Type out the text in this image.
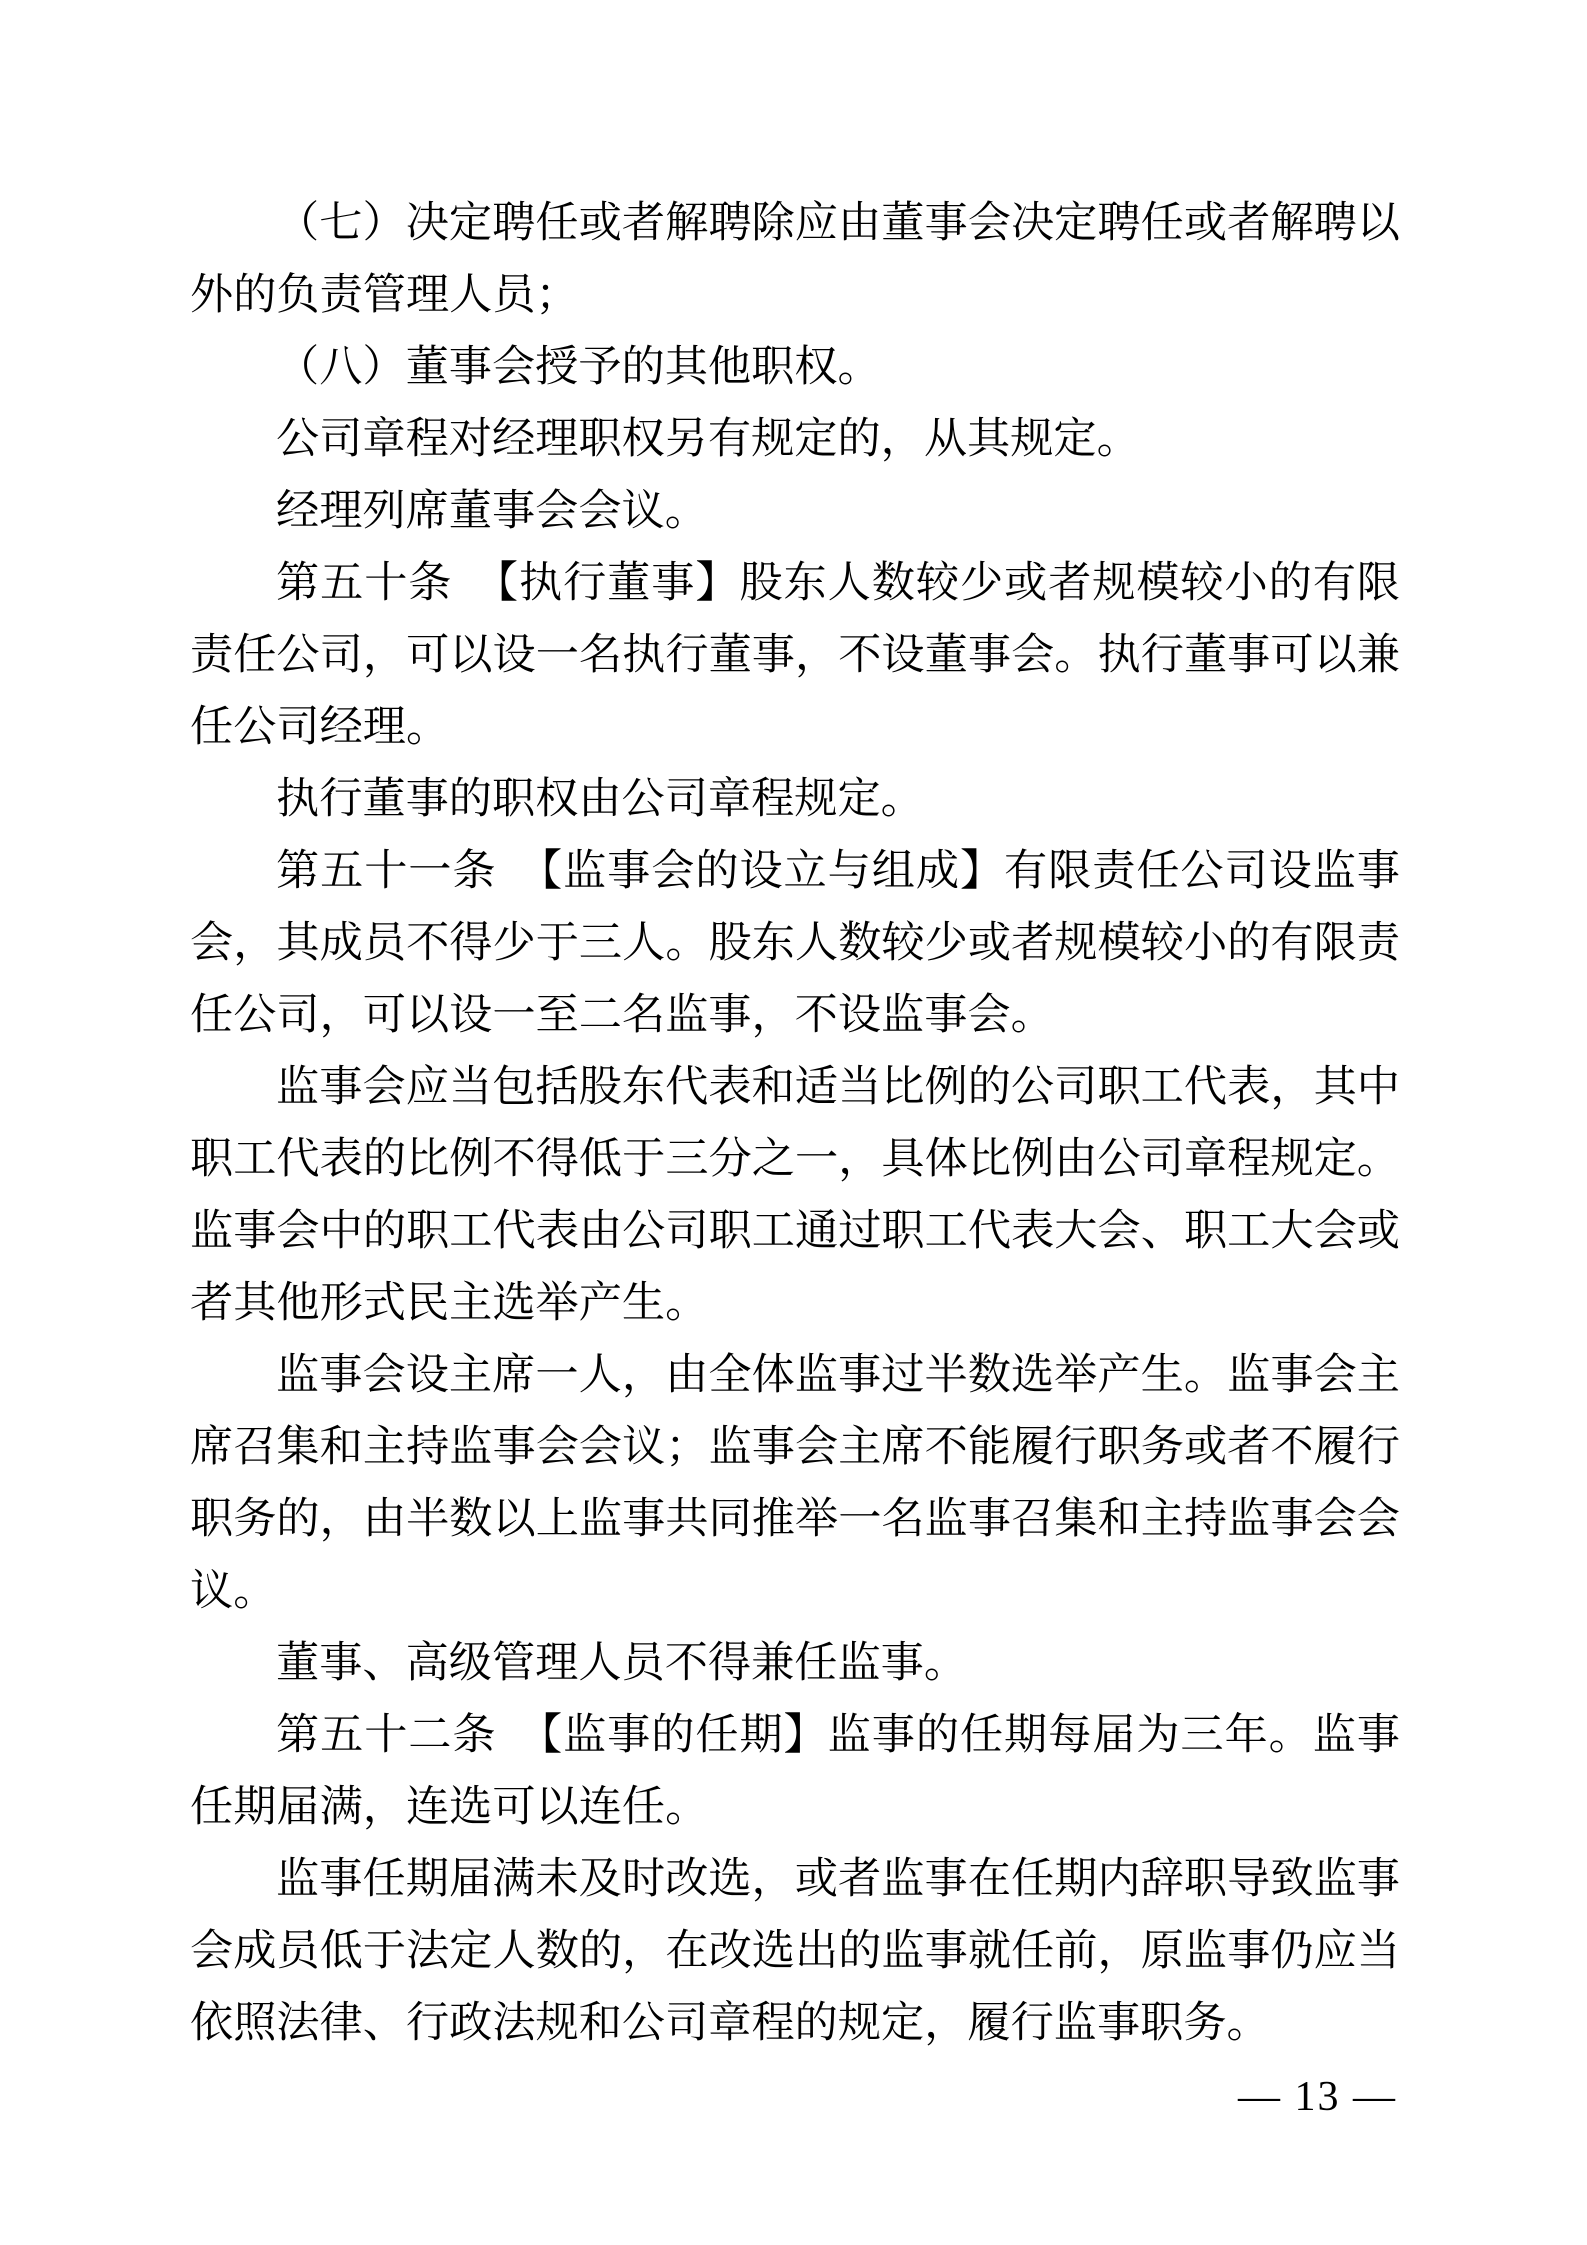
（七）决定聘任或者解聘除应由董事会决定聘任或者解聘以
外的负责管理人员；
（八）董事会授予的其他职权。
公司章程对经理职权另有规定的，从其规定。
经理列席董事会会议。
第五十条　【执行董事】股东人数较少或者规模较小的有限
责任公司，可以设一名执行董事，不设董事会。执行董事可以兼
任公司经理。
执行董事的职权由公司章程规定。
第五十一条　【监事会的设立与组成】有限责任公司设监事
会，其成员不得少于三人。股东人数较少或者规模较小的有限责
任公司，可以设一至二名监事，不设监事会。
监事会应当包括股东代表和适当比例的公司职工代表，其中
职工代表的比例不得低于三分之一，具体比例由公司章程规定。
监事会中的职工代表由公司职工通过职工代表大会、职工大会或
者其他形式民主选举产生。
监事会设主席一人，由全体监事过半数选举产生。监事会主
席召集和主持监事会会议；监事会主席不能履行职务或者不履行
职务的，由半数以上监事共同推举一名监事召集和主持监事会会
议。
董事、高级管理人员不得兼任监事。
第五十二条　【监事的任期】监事的任期每届为三年。监事
任期届满，连选可以连任。
监事任期届满未及时改选，或者监事在任期内辞职导致监事
会成员低于法定人数的，在改选出的监事就任前，原监事仍应当
依照法律、行政法规和公司章程的规定，履行监事职务。
— 13 —
